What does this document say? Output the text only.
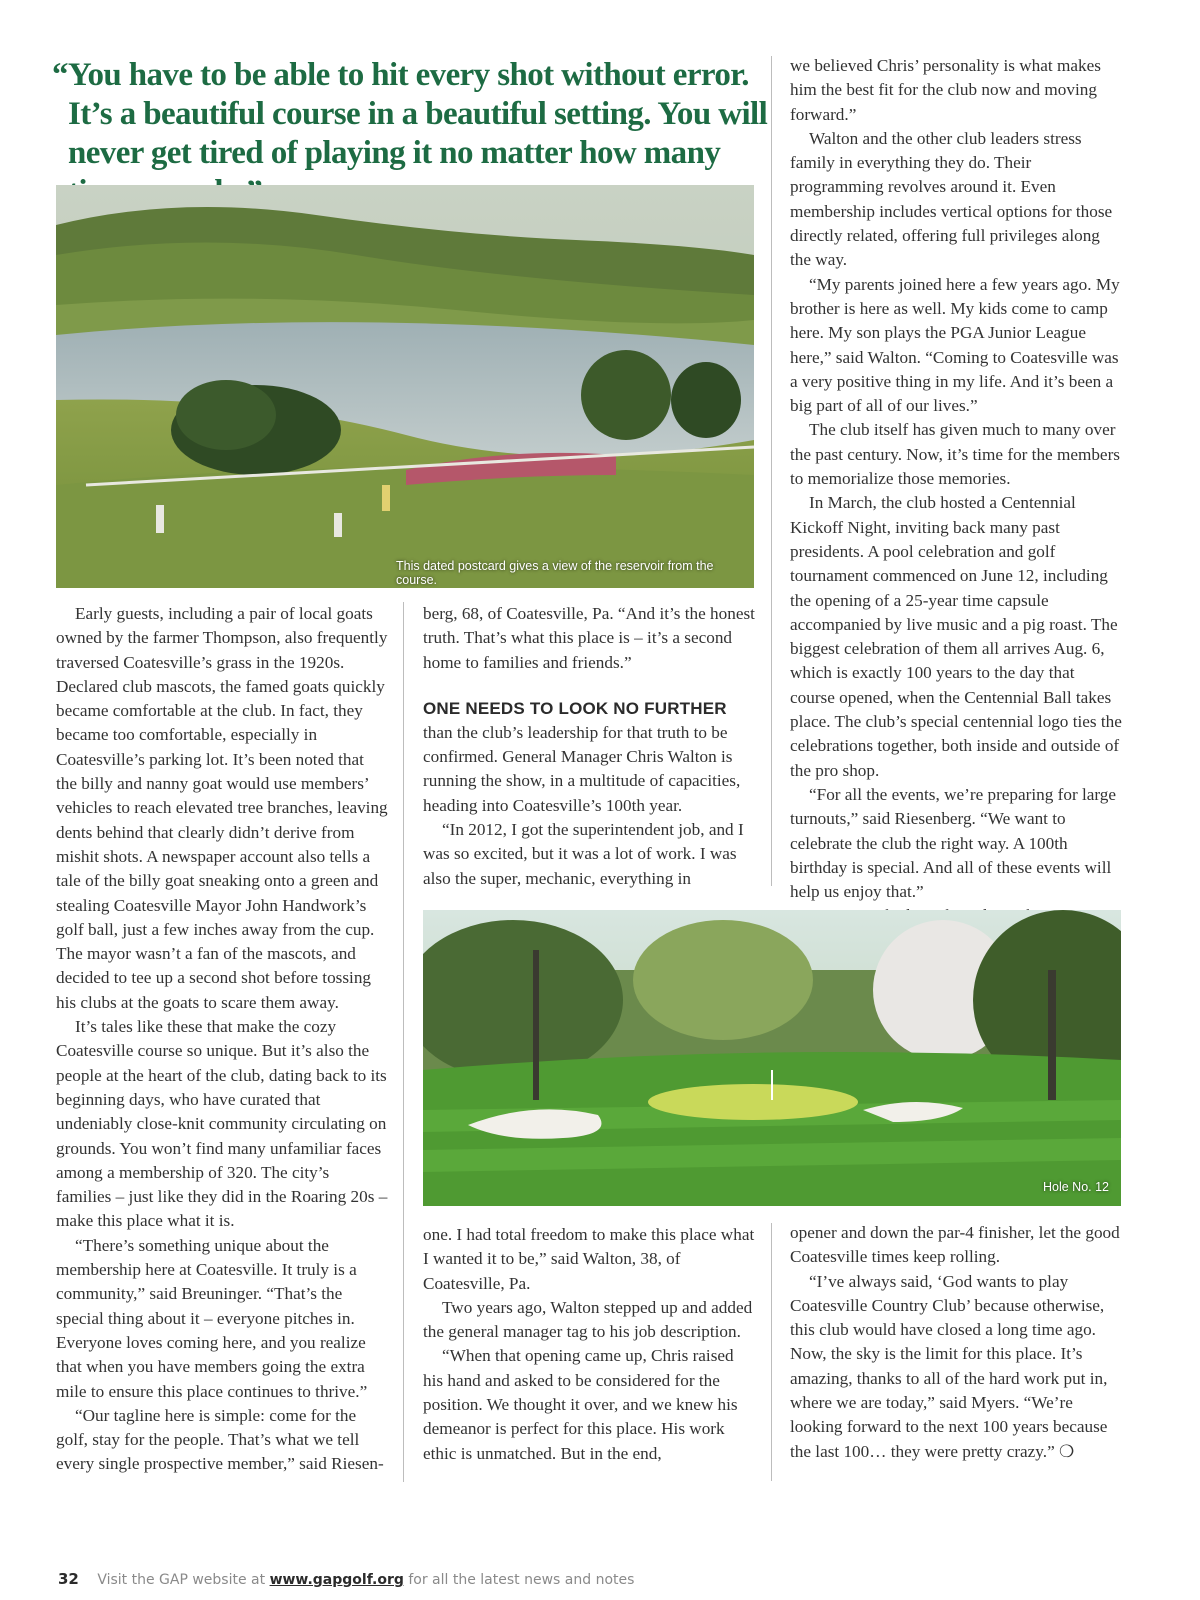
“You have to be able to hit every shot without error. It’s a beautiful course in a beautiful setting. You will never get tired of playing it no matter how many
This dated postcard gives a view of the reservoir from the course.

Early guests, including a pair of local goats owned by the farmer Thompson, also frequently traversed Coatesville’s grass in the 1920s. Declared club mascots, the famed goats quickly became comfortable at the club. In fact, they became too comfortable, especially in Coatesville’s parking lot. It’s been noted that the billy and nanny goat would use members’ vehicles to reach elevated tree branches, leaving dents behind that clearly didn’t derive from mishit shots. A newspaper account also tells a tale of the billy goat sneaking onto a green and stealing Coatesville Mayor John Handwork’s golf ball, just a few inches away from the cup. The mayor wasn’t a fan of the mascots, and decided to tee up a second shot before tossing his clubs at the goats to scare them away.

It’s tales like these that make the cozy Coatesville course so unique. But it’s also the people at the heart of the club, dating back to its beginning days, who have curated that undeniably close-knit community circulating on grounds. You won’t find many unfamiliar faces among a membership of 320. The city’s families – just like they did in the Roaring 20s – make this place what it is.

“There’s something unique about the membership here at Coatesville. It truly is a community,” said Breuninger. “That’s the special thing about it – everyone pitches in. Everyone loves coming here, and you realize that when you have members going the extra mile to ensure this place continues to thrive.”

“Our tagline here is simple: come for the golf, stay for the people. That’s what we tell every single prospective member,” said Riesen-

berg, 68, of Coatesville, Pa. “And it’s the honest truth. That’s what this place is – it’s a second home to families and friends.”

ONE NEEDS TO LOOK NO FURTHER

than the club’s leadership for that truth to be confirmed. General Manager Chris Walton is running the show, in a multitude of capacities, heading into Coatesville’s 100th year.

“In 2012, I got the superintendent job, and I was so excited, but it was a lot of work. I was also the super, mechanic, everything in

we believed Chris’ personality is what makes him the best fit for the club now and moving forward.”

Walton and the other club leaders stress family in everything they do. Their programming revolves around it. Even membership includes vertical options for those directly related, offering full privileges along the way.

“My parents joined here a few years ago. My brother is here as well. My kids come to camp here. My son plays the PGA Junior League here,” said Walton. “Coming to Coatesville was a very positive thing in my life. And it’s been a big part of all of our lives.”

The club itself has given much to many over the past century. Now, it’s time for the members to memorialize those memories.

In March, the club hosted a Centennial Kickoff Night, inviting back many past presidents. A pool celebration and golf tournament commenced on June 12, including the opening of a 25-year time capsule accompanied by live music and a pig roast. The biggest celebration of them all arrives Aug. 6, which is exactly 100 years to the day that course opened, when the Centennial Ball takes place. The club’s special centennial logo ties the celebrations together, both inside and outside of the pro shop.

“For all the events, we’re preparing for large turnouts,” said Riesenberg. “We want to celebrate the club the right way. A 100th birthday is special. And all of these events will help us enjoy that.”

Hole No. 12

one. I had total freedom to make this place what I wanted it to be,” said Walton, 38, of Coatesville, Pa.

Two years ago, Walton stepped up and added the general manager tag to his job description.

“When that opening came up, Chris raised his hand and asked to be considered for the position. We thought it over, and we knew his demeanor is perfect for this place. His work ethic is unmatched. But in the end,

opener and down the par-4 finisher, let the good Coatesville times keep rolling.

“I’ve always said, ‘God wants to play Coatesville Country Club’ because otherwise, this club would have closed a long time ago. Now, the sky is the limit for this place. It’s amazing, thanks to all of the hard work put in, where we are today,” said Myers. “We’re looking forward to the next 100 years because the last 100… they were pretty crazy.” ❍

32 Visit the GAP website at www.gapgolf.org for all the latest news and notes
